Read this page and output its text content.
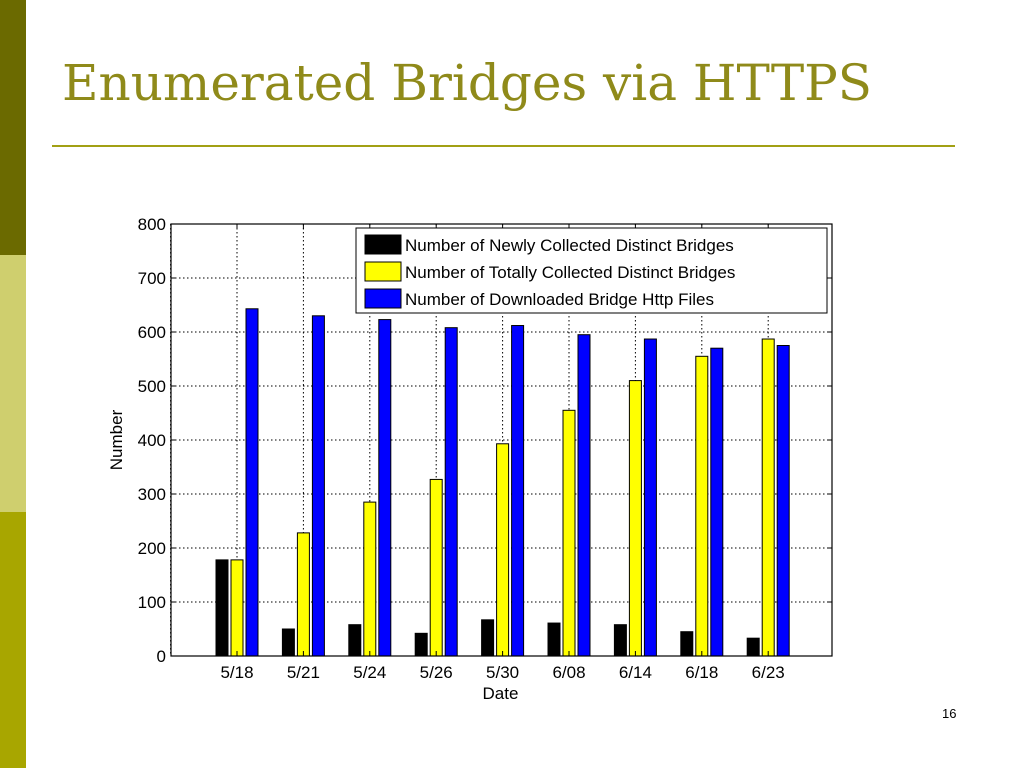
Enumerated Bridges via HTTPS
0
100
200
300
400
500
600
700
800
5/18 5/21 5/24 5/26 5/30 6/08 6/14 6/18 6/23
Date
Number
Number of Newly Collected Distinct Bridges
Number of Totally Collected Distinct Bridges
Number of Downloaded Bridge Http Files
16
